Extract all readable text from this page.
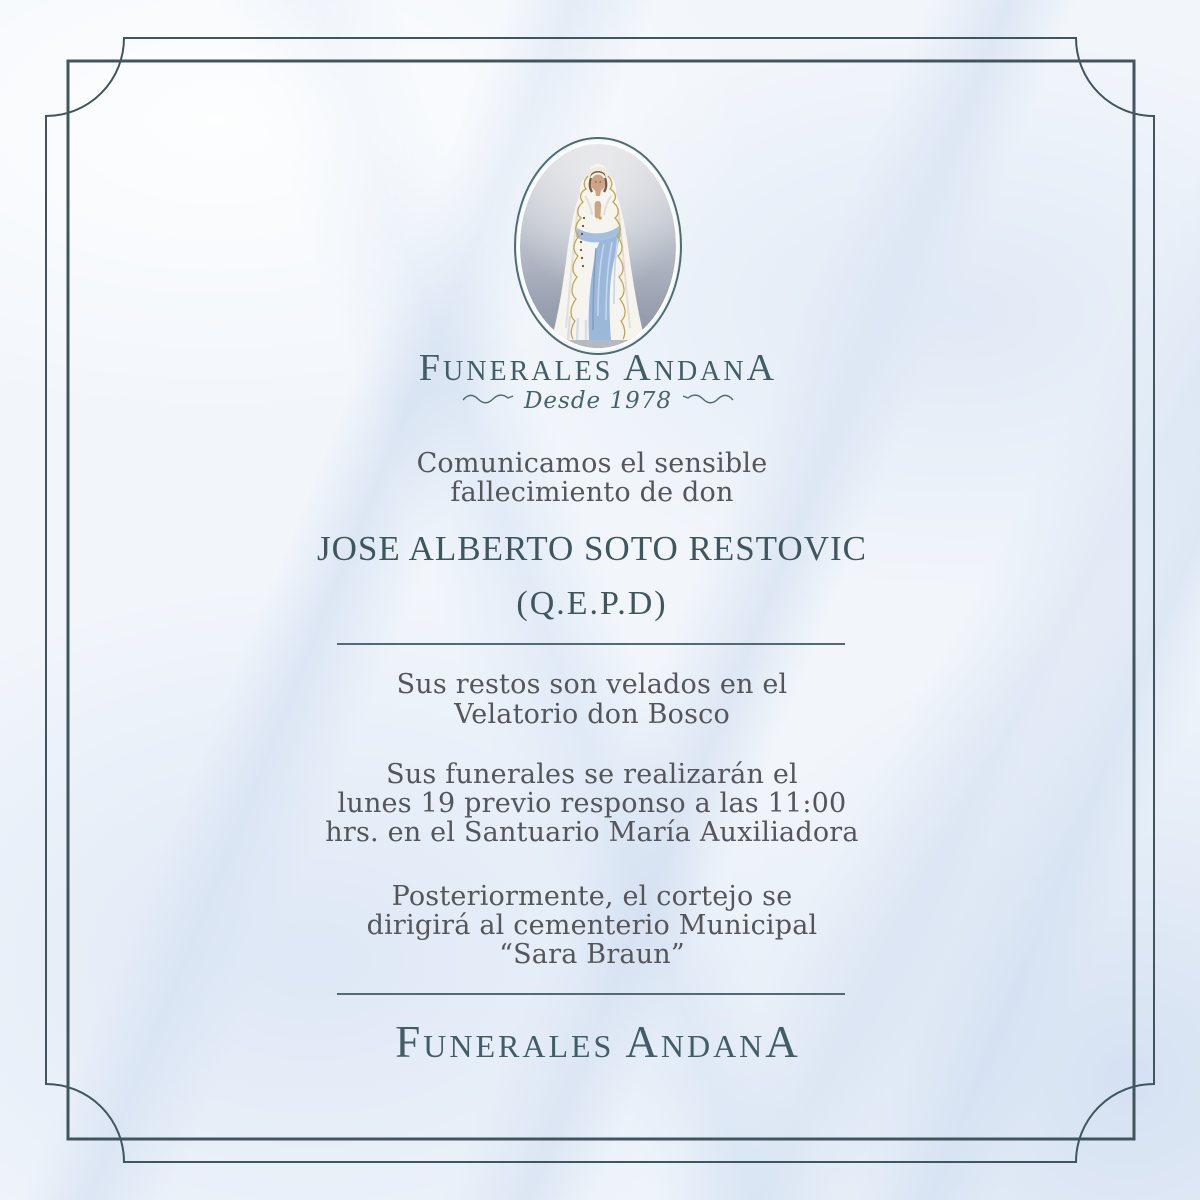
FUNERALES ANDANA
Desde 1978
Comunicamos el sensible
fallecimiento de don
JOSE ALBERTO SOTO RESTOVIC
(Q.E.P.D)
Sus restos son velados en el
Velatorio don Bosco
Sus funerales se realizarán el
lunes 19 previo responso a las 11:00
hrs. en el Santuario María Auxiliadora
Posteriormente, el cortejo se
dirigirá al cementerio Municipal
“Sara Braun”
FUNERALES ANDANA
